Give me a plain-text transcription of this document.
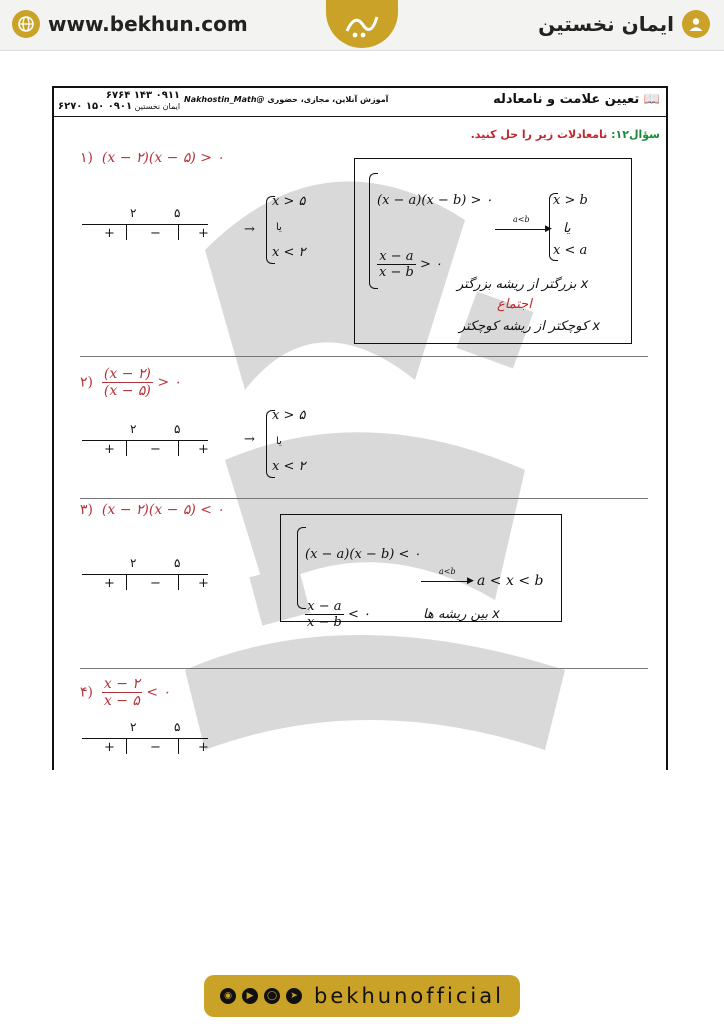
www.bekhun.com	ایمان نخستین
📖 تعیین علامت و نامعادله
آموزش آنلاین، مجازی، حضوری @Nakhostin_Math
۰۹۱۱ ۱۴۳ ۶۷۶۴
ایمان نخستین ۰۹۰۱ ۱۵۰ ۶۲۷۰
سؤال۱۲: نامعادلات زیر را حل کنید.
۱) (x − ۲)(x − ۵) > ۰
۲	۵
+	−	+	→
x > ۵
یا
x < ۲
(x − a)(x − b) > ۰
$\frac{x - a}{x - b}$ > ۰
a<b
▶
x > b
یا
x < a
x بزرگتر از ریشه بزرگتر
اجتماع
x کوچکتر از ریشه کوچکتر
۲) $\frac{(x - ۲)}{(x - ۵)}$ > ۰
۲	۵
+	−	+
→
x > ۵
یا
x < ۲
۳) (x − ۲)(x − ۵) < ۰
۲	۵
+	−	+
(x − a)(x − b) < ۰
$\frac{x - a}{x - b}$ < ۰
a<b
▶ a < x < b
x بین ریشه ها
۴) $\frac{x - ۲}{x - ۵}$ < ۰
۲	۵
+	−	+
◉	▶	◯	➤ bekhunofficial
